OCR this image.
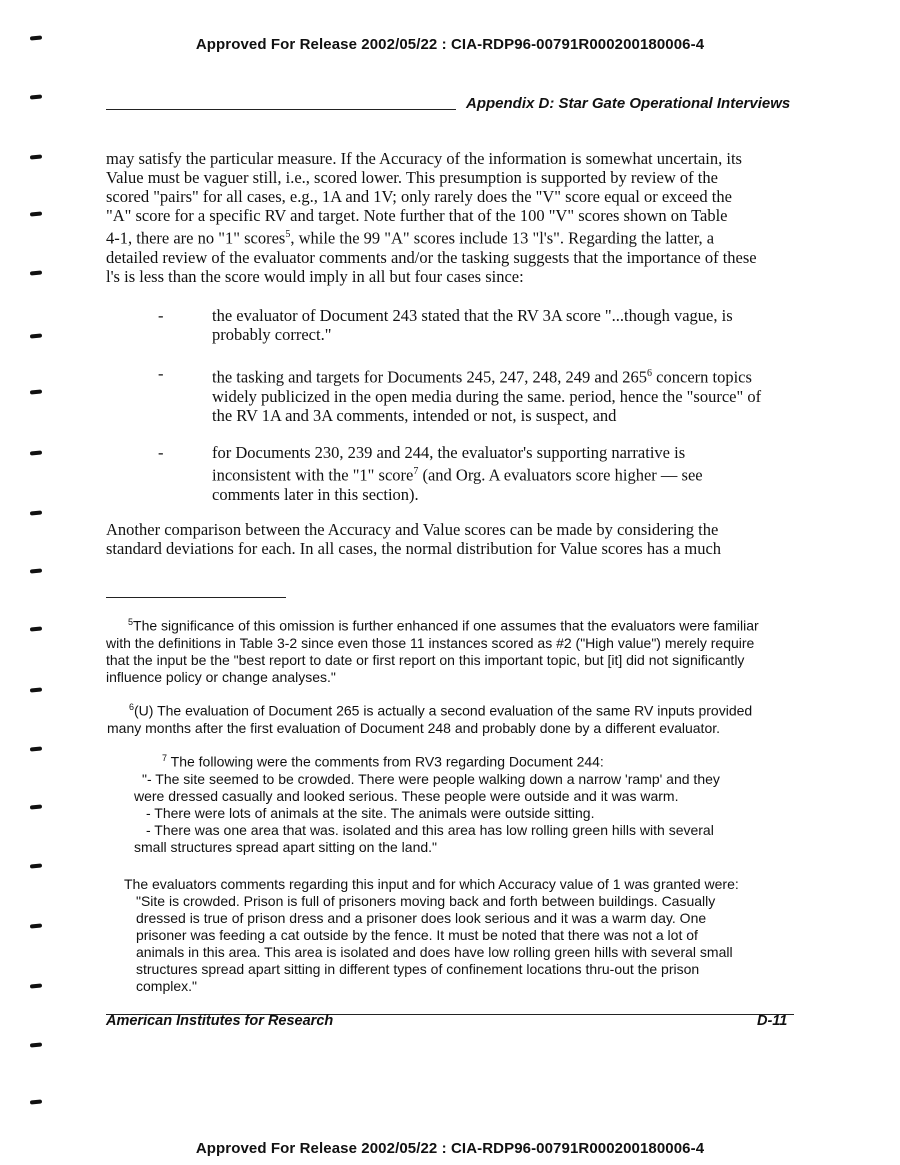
Approved For Release 2002/05/22 : CIA-RDP96-00791R000200180006-4
Appendix D: Star Gate Operational Interviews
may satisfy the particular measure. If the Accuracy of the information is somewhat uncertain, its
Value must be vaguer still, i.e., scored lower. This presumption is supported by review of the
scored "pairs" for all cases, e.g., 1A and 1V; only rarely does the "V" score equal or exceed the
"A" score for a specific RV and target. Note further that of the 100 "V" scores shown on Table
4-1, there are no "1" scores$^5$, while the 99 "A" scores include 13 "l's". Regarding the latter, a
detailed review of the evaluator comments and/or the tasking suggests that the importance of these
l's is less than the score would imply in all but four cases since:
-	the evaluator of Document 243 stated that the RV 3A score "...though vague, is
probably correct."
-	the tasking and targets for Documents 245, 247, 248, 249 and $265^6$ concern topics
widely publicized in the open media during the same. period, hence the "source" of
the RV 1A and 3A comments, intended or not, is suspect, and
-	for Documents 230, 239 and 244, the evaluator's supporting narrative is
inconsistent with the "1" score$^7$ (and Org. A evaluators score higher — see
comments later in this section).
Another comparison between the Accuracy and Value scores can be made by considering the
standard deviations for each. In all cases, the normal distribution for Value scores has a much
$^5$The significance of this omission is further enhanced if one assumes that the evaluators were familiar
with the definitions in Table 3-2 since even those 11 instances scored as #2 ("High value") merely require
that the input be the "best report to date or first report on this important topic, but [it] did not significantly
influence policy or change analyses."
$^6$(U) The evaluation of Document 265 is actually a second evaluation of the same RV inputs provided
many months after the first evaluation of Document 248 and probably done by a different evaluator.
$^7$ The following were the comments from RV3 regarding Document 244:
"- The site seemed to be crowded. There were people walking down a narrow 'ramp' and they
were dressed casually and looked serious. These people were outside and it was warm.
- There were lots of animals at the site. The animals were outside sitting.
- There was one area that was. isolated and this area has low rolling green hills with several
small structures spread apart sitting on the land."
The evaluators comments regarding this input and for which Accuracy value of 1 was granted were:
"Site is crowded. Prison is full of prisoners moving back and forth between buildings. Casually
dressed is true of prison dress and a prisoner does look serious and it was a warm day. One
prisoner was feeding a cat outside by the fence. It must be noted that there was not a lot of
animals in this area. This area is isolated and does have low rolling green hills with several small
structures spread apart sitting in different types of confinement locations thru-out the prison
complex."
American Institutes for Research	D-11
Approved For Release 2002/05/22 : CIA-RDP96-00791R000200180006-4
